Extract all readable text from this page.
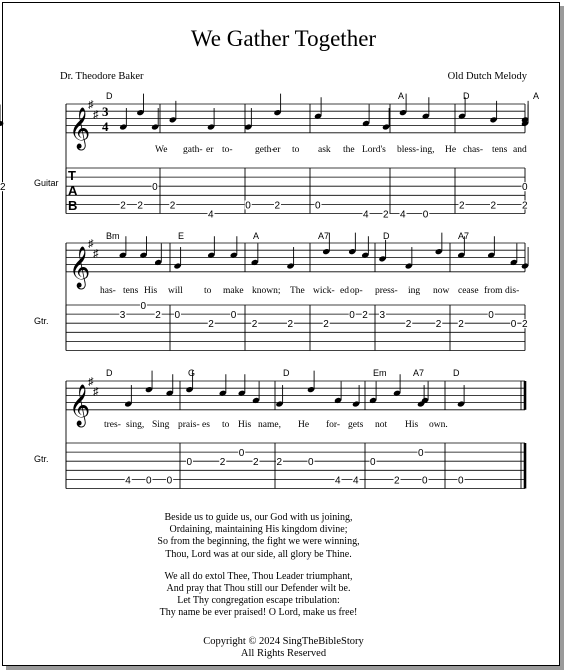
We Gather Together
Dr. Theodore Baker	Old Dutch Melody
𝄞
♯
♯ 3
4
T
A
B
Guitar
D	A	D	A
We gath- er to- geth-
er to ask the Lord's bless- ing, He chas- tens and
2 2
0
2
4
0 2	0
4 2 4 0
2	2	2
0
2
𝄞
♯
♯
Gtr.
Bm	E	A	A7	D	A7
has- tens His will to make known; The wick- ed op- press- ing now cease from dis-
3
0
2 0
2
0
2	2	2
0 2 3
2 2 2
0
0 2
𝄞
♯
♯
Gtr.
D	G	D	Em	A7	D
tres- sing, Sing prais- es to His name, He for- gets not His own.
4 0 0
0	2
0
2 2	0
4 4
0
2
0
0	0
Beside us to guide us, our God with us joining,
Ordaining, maintaining His kingdom divine;
So from the beginning, the fight we were winning,
Thou, Lord was at our side, all glory be Thine.
We all do extol Thee, Thou Leader triumphant,
And pray that Thou still our Defender wilt be.
Let Thy congregation escape tribulation:
Thy name be ever praised! O Lord, make us free!
Copyright © 2024 SingTheBibleStory
All Rights Reserved
